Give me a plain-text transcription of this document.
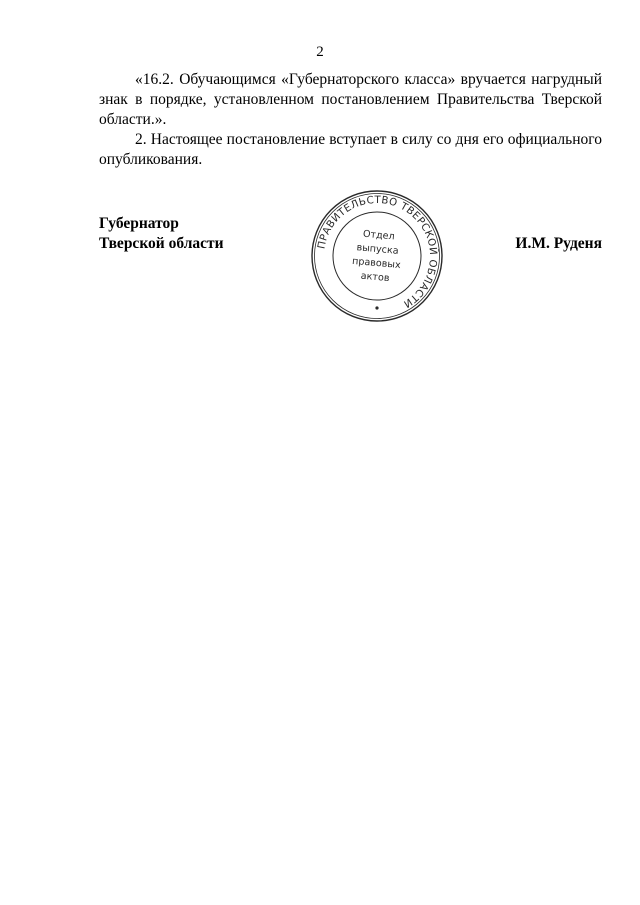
2

«16.2. Обучающимся «Губернаторского класса» вручается нагрудный знак в порядке, установленном постановлением Правительства Тверской области.».

2. Настоящее постановление вступает в силу со дня его официального опубликования.

Губернатор
Тверской области	ПРАВИТЕЛЬСТВО ТВЕРСКОЙ ОБЛАСТИ
Отдел
выпуска
правовых
актов
И.М. Руденя
